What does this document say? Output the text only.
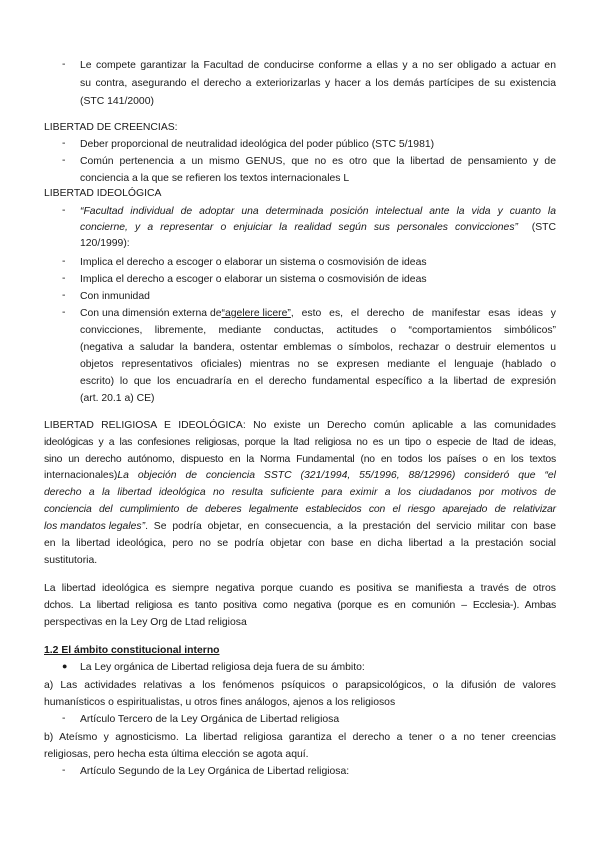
-	Le compete garantizar la Facultad de conducirse conforme a ellas y a no ser obligado a actuar en
su contra, asegurando el derecho a exteriorizarlas y hacer a los demás partícipes de su existencia
(STC 141/2000)
LIBERTAD DE CREENCIAS:
-	Deber proporcional de neutralidad ideológica del poder público (STC 5/1981)
-	Común pertenencia a un mismo GENUS, que no es otro que la libertad de pensamiento y de
conciencia a la que se refieren los textos internacionales L
LIBERTAD IDEOLÓGICA
-	“Facultad individual de adoptar una determinada posición intelectual ante la vida y cuanto la
concierne, y a representar o enjuiciar la realidad según sus personales convicciones” (STC
120/1999):
-	Implica el derecho a escoger o elaborar un sistema o cosmovisión de ideas
-	Implica el derecho a escoger o elaborar un sistema o cosmovisión de ideas
-	Con inmunidad
-	Con una dimensión externa de “agelere licere” , esto es, el derecho de manifestar esas ideas y
convicciones, libremente, mediante conductas, actitudes o “comportamientos simbólicos”
(negativa a saludar la bandera, ostentar emblemas o símbolos, rechazar o destruir elementos u
objetos representativos oficiales) mientras no se expresen mediante el lenguaje (hablado o
escrito) lo que los encuadraría en el derecho fundamental específico a la libertad de expresión
(art. 20.1 a) CE)
LIBERTAD RELIGIOSA E IDEOLÓGICA: No existe un Derecho común aplicable a las comunidades
ideológicas y a las confesiones religiosas, porque la ltad religiosa no es un tipo o especie de ltad de ideas,
sino un derecho autónomo, dispuesto en la Norma Fundamental (no en todos los países o en los textos
internacionales) La objeción de conciencia SSTC (321/1994, 55/1996, 88/12996) consideró que “el
derecho a la libertad ideológica no resulta suficiente para eximir a los ciudadanos por motivos de
conciencia del cumplimiento de deberes legalmente establecidos con el riesgo aparejado de relativizar
los mandatos legales” . Se podría objetar, en consecuencia, a la prestación del servicio militar con base
en la libertad ideológica, pero no se podría objetar con base en dicha libertad a la prestación social
sustitutoria.
La libertad ideológica es siempre negativa porque cuando es positiva se manifiesta a través de otros
dchos. La libertad religiosa es tanto positiva como negativa (porque es en comunión – Ecclesia-). Ambas
perspectivas en la Ley Org de Ltad religiosa
1.2 El ámbito constitucional interno
● La Ley orgánica de Libertad religiosa deja fuera de su ámbito:
a) Las actividades relativas a los fenómenos psíquicos o parapsicológicos, o la difusión de valores
humanísticos o espiritualistas, u otros fines análogos, ajenos a los religiosos
-	Artículo Tercero de la Ley Orgánica de Libertad religiosa
b) Ateísmo y agnosticismo. La libertad religiosa garantiza el derecho a tener o a no tener creencias
religiosas, pero hecha esta última elección se agota aquí.
-	Artículo Segundo de la Ley Orgánica de Libertad religiosa:
